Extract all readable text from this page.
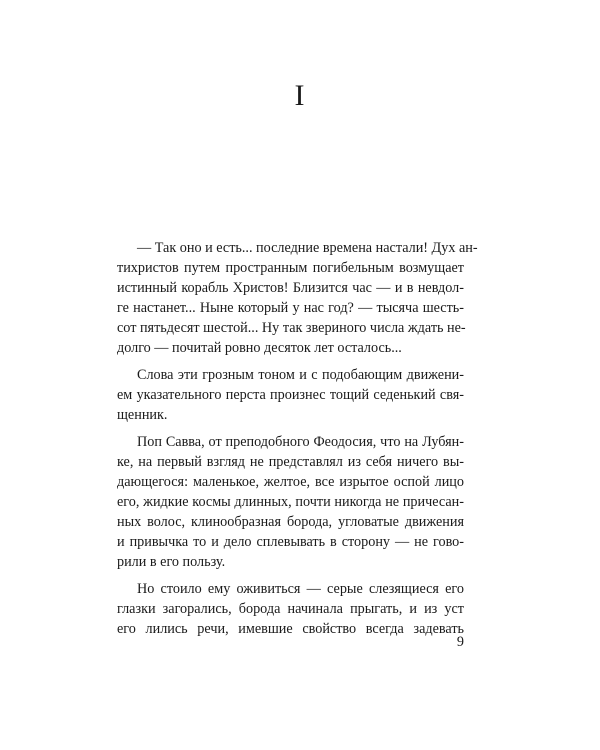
I
— Так оно и есть... последние времена настали! Дух ан-
тихристов путем пространным погибельным возмущает
истинный корабль Христов! Близится час — и в невдол-
ге настанет... Ныне который у нас год? — тысяча шесть-
сот пятьдесят шестой... Ну так звериного числа ждать не-
долго — почитай ровно десяток лет осталось...
Слова эти грозным тоном и с подобающим движени-
ем указательного перста произнес тощий седенький свя-
щенник.
Поп Савва, от преподобного Феодосия, что на Лубян-
ке, на первый взгляд не представлял из себя ничего вы-
дающегося: маленькое, желтое, все изрытое оспой лицо
его, жидкие космы длинных, почти никогда не причесан-
ных волос, клинообразная борода, угловатые движения
и привычка то и дело сплевывать в сторону — не гово-
рили в его пользу.
Но стоило ему оживиться — серые слезящиеся его
глазки загорались, борода начинала прыгать, и из уст
его лились речи, имевшие свойство всегда задевать
9
